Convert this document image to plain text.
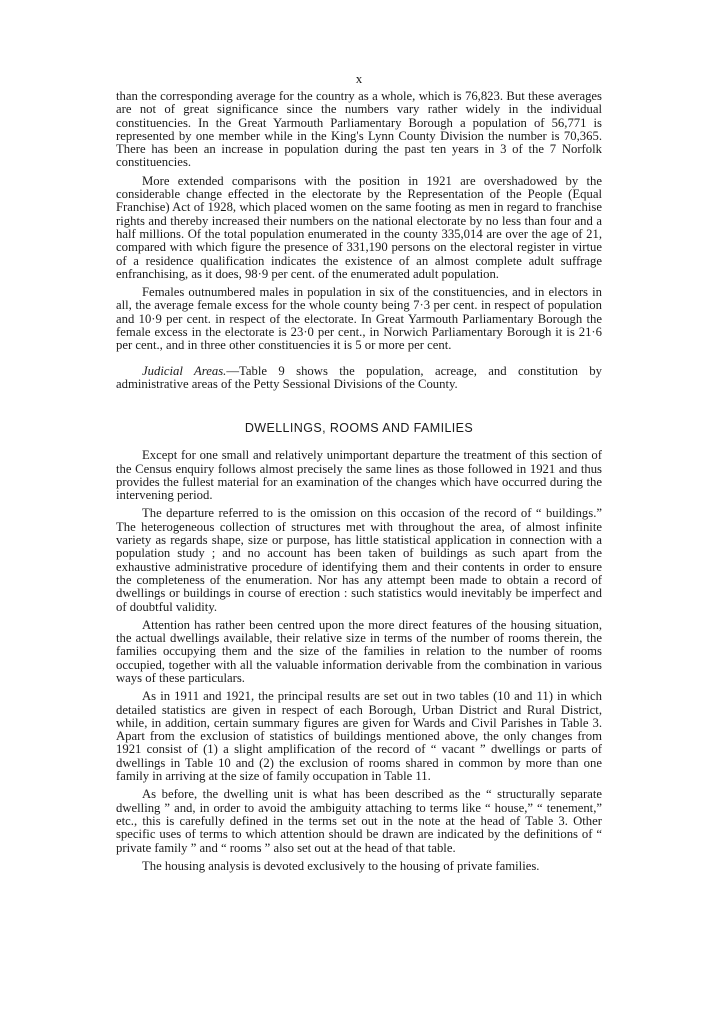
x

than the corresponding average for the country as a whole, which is 76,823. But these averages are not of great significance since the numbers vary rather widely in the individual constituencies. In the Great Yarmouth Parliamentary Borough a population of 56,771 is represented by one member while in the King's Lynn County Division the number is 70,365. There has been an increase in population during the past ten years in 3 of the 7 Norfolk constituencies.

More extended comparisons with the position in 1921 are overshadowed by the considerable change effected in the electorate by the Representation of the People (Equal Franchise) Act of 1928, which placed women on the same footing as men in regard to franchise rights and thereby increased their numbers on the national electorate by no less than four and a half millions. Of the total population enumerated in the county 335,014 are over the age of 21, compared with which figure the presence of 331,190 persons on the electoral register in virtue of a residence qualification indicates the existence of an almost complete adult suffrage enfranchising, as it does, 98·9 per cent. of the enumerated adult population.

Females outnumbered males in population in six of the constituencies, and in electors in all, the average female excess for the whole county being 7·3 per cent. in respect of population and 10·9 per cent. in respect of the electorate. In Great Yarmouth Parliamentary Borough the female excess in the electorate is 23·0 per cent., in Norwich Parliamentary Borough it is 21·6 per cent., and in three other constituencies it is 5 or more per cent.

Judicial Areas.—Table 9 shows the population, acreage, and constitution by administrative areas of the Petty Sessional Divisions of the County.

DWELLINGS, ROOMS AND FAMILIES

Except for one small and relatively unimportant departure the treatment of this section of the Census enquiry follows almost precisely the same lines as those followed in 1921 and thus provides the fullest material for an examination of the changes which have occurred during the intervening period.

The departure referred to is the omission on this occasion of the record of “ buildings.” The heterogeneous collection of structures met with throughout the area, of almost infinite variety as regards shape, size or purpose, has little statistical application in connection with a population study ; and no account has been taken of buildings as such apart from the exhaustive administrative procedure of identifying them and their contents in order to ensure the completeness of the enumeration. Nor has any attempt been made to obtain a record of dwellings or buildings in course of erection : such statistics would inevitably be imperfect and of doubtful validity.

Attention has rather been centred upon the more direct features of the housing situation, the actual dwellings available, their relative size in terms of the number of rooms therein, the families occupying them and the size of the families in relation to the number of rooms occupied, together with all the valuable information derivable from the combination in various ways of these particulars.

As in 1911 and 1921, the principal results are set out in two tables (10 and 11) in which detailed statistics are given in respect of each Borough, Urban District and Rural District, while, in addition, certain summary figures are given for Wards and Civil Parishes in Table 3. Apart from the exclusion of statistics of buildings mentioned above, the only changes from 1921 consist of (1) a slight amplification of the record of “ vacant ” dwellings or parts of dwellings in Table 10 and (2) the exclusion of rooms shared in common by more than one family in arriving at the size of family occupation in Table 11.

As before, the dwelling unit is what has been described as the “ structurally separate dwelling ” and, in order to avoid the ambiguity attaching to terms like “ house,” “ tenement,” etc., this is carefully defined in the terms set out in the note at the head of Table 3. Other specific uses of terms to which attention should be drawn are indicated by the definitions of “ private family ” and “ rooms ” also set out at the head of that table.

The housing analysis is devoted exclusively to the housing of private families.
